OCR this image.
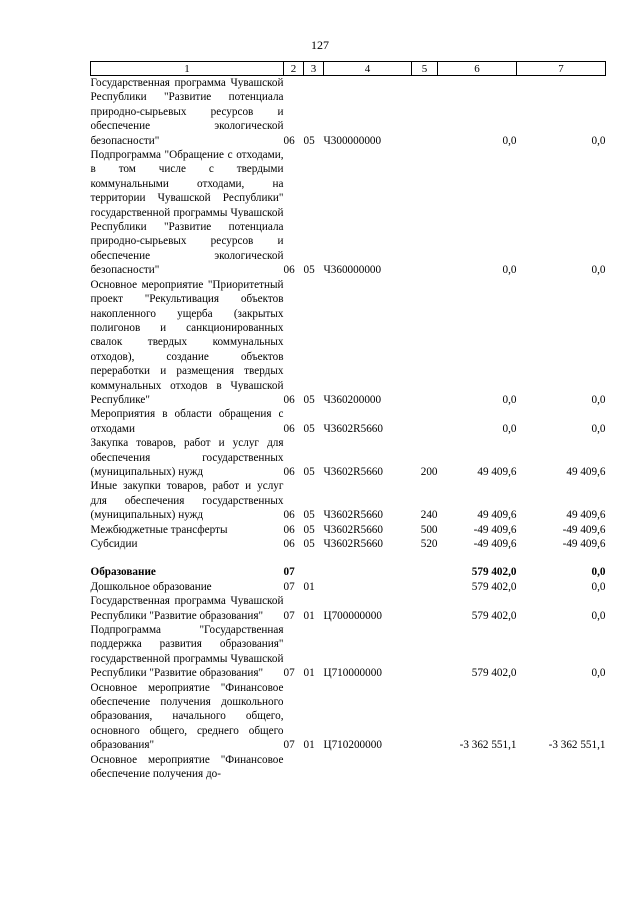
127
1	2	3	4	5	6	7
Государственная программа Чувашской Республики "Развитие потенциала природно-сырьевых ресурсов и обеспечение экологической безопасности"	06	05	Ч300000000		0,0	0,0
Подпрограмма "Обращение с отходами, в том числе с твердыми коммунальными отходами, на территории Чувашской Республики" государственной программы Чувашской Республики "Развитие потенциала природно-сырьевых ресурсов и обеспечение экологической безопасности"	06	05	Ч360000000		0,0	0,0
Основное мероприятие "Приоритетный проект "Рекультивация объектов накопленного ущерба (закрытых полигонов и санкционированных свалок твердых коммунальных отходов), создание объектов переработки и размещения твердых коммунальных отходов в Чувашской Республике"	06	05	Ч360200000		0,0	0,0
Мероприятия в области обращения с отходами	06	05	Ч3602R5660		0,0	0,0
Закупка товаров, работ и услуг для обеспечения государственных (муниципальных) нужд	06	05	Ч3602R5660	200	49 409,6	49 409,6
Иные закупки товаров, работ и услуг для обеспечения государственных (муниципальных) нужд	06	05	Ч3602R5660	240	49 409,6	49 409,6
Межбюджетные трансферты	06	05	Ч3602R5660	500	-49 409,6	-49 409,6
Субсидии	06	05	Ч3602R5660	520	-49 409,6	-49 409,6

Образование	07				579 402,0	0,0
Дошкольное образование	07	01			579 402,0	0,0
Государственная программа Чувашской Республики "Развитие образования"	07	01	Ц700000000		579 402,0	0,0
Подпрограмма "Государственная поддержка развития образования" государственной программы Чувашской Республики "Развитие образования"	07	01	Ц710000000		579 402,0	0,0
Основное мероприятие "Финансовое обеспечение получения дошкольного образования, начального общего, основного общего, среднего общего образования"	07	01	Ц710200000		-3 362 551,1	-3 362 551,1
Основное мероприятие "Финансовое обеспечение получения до-						
